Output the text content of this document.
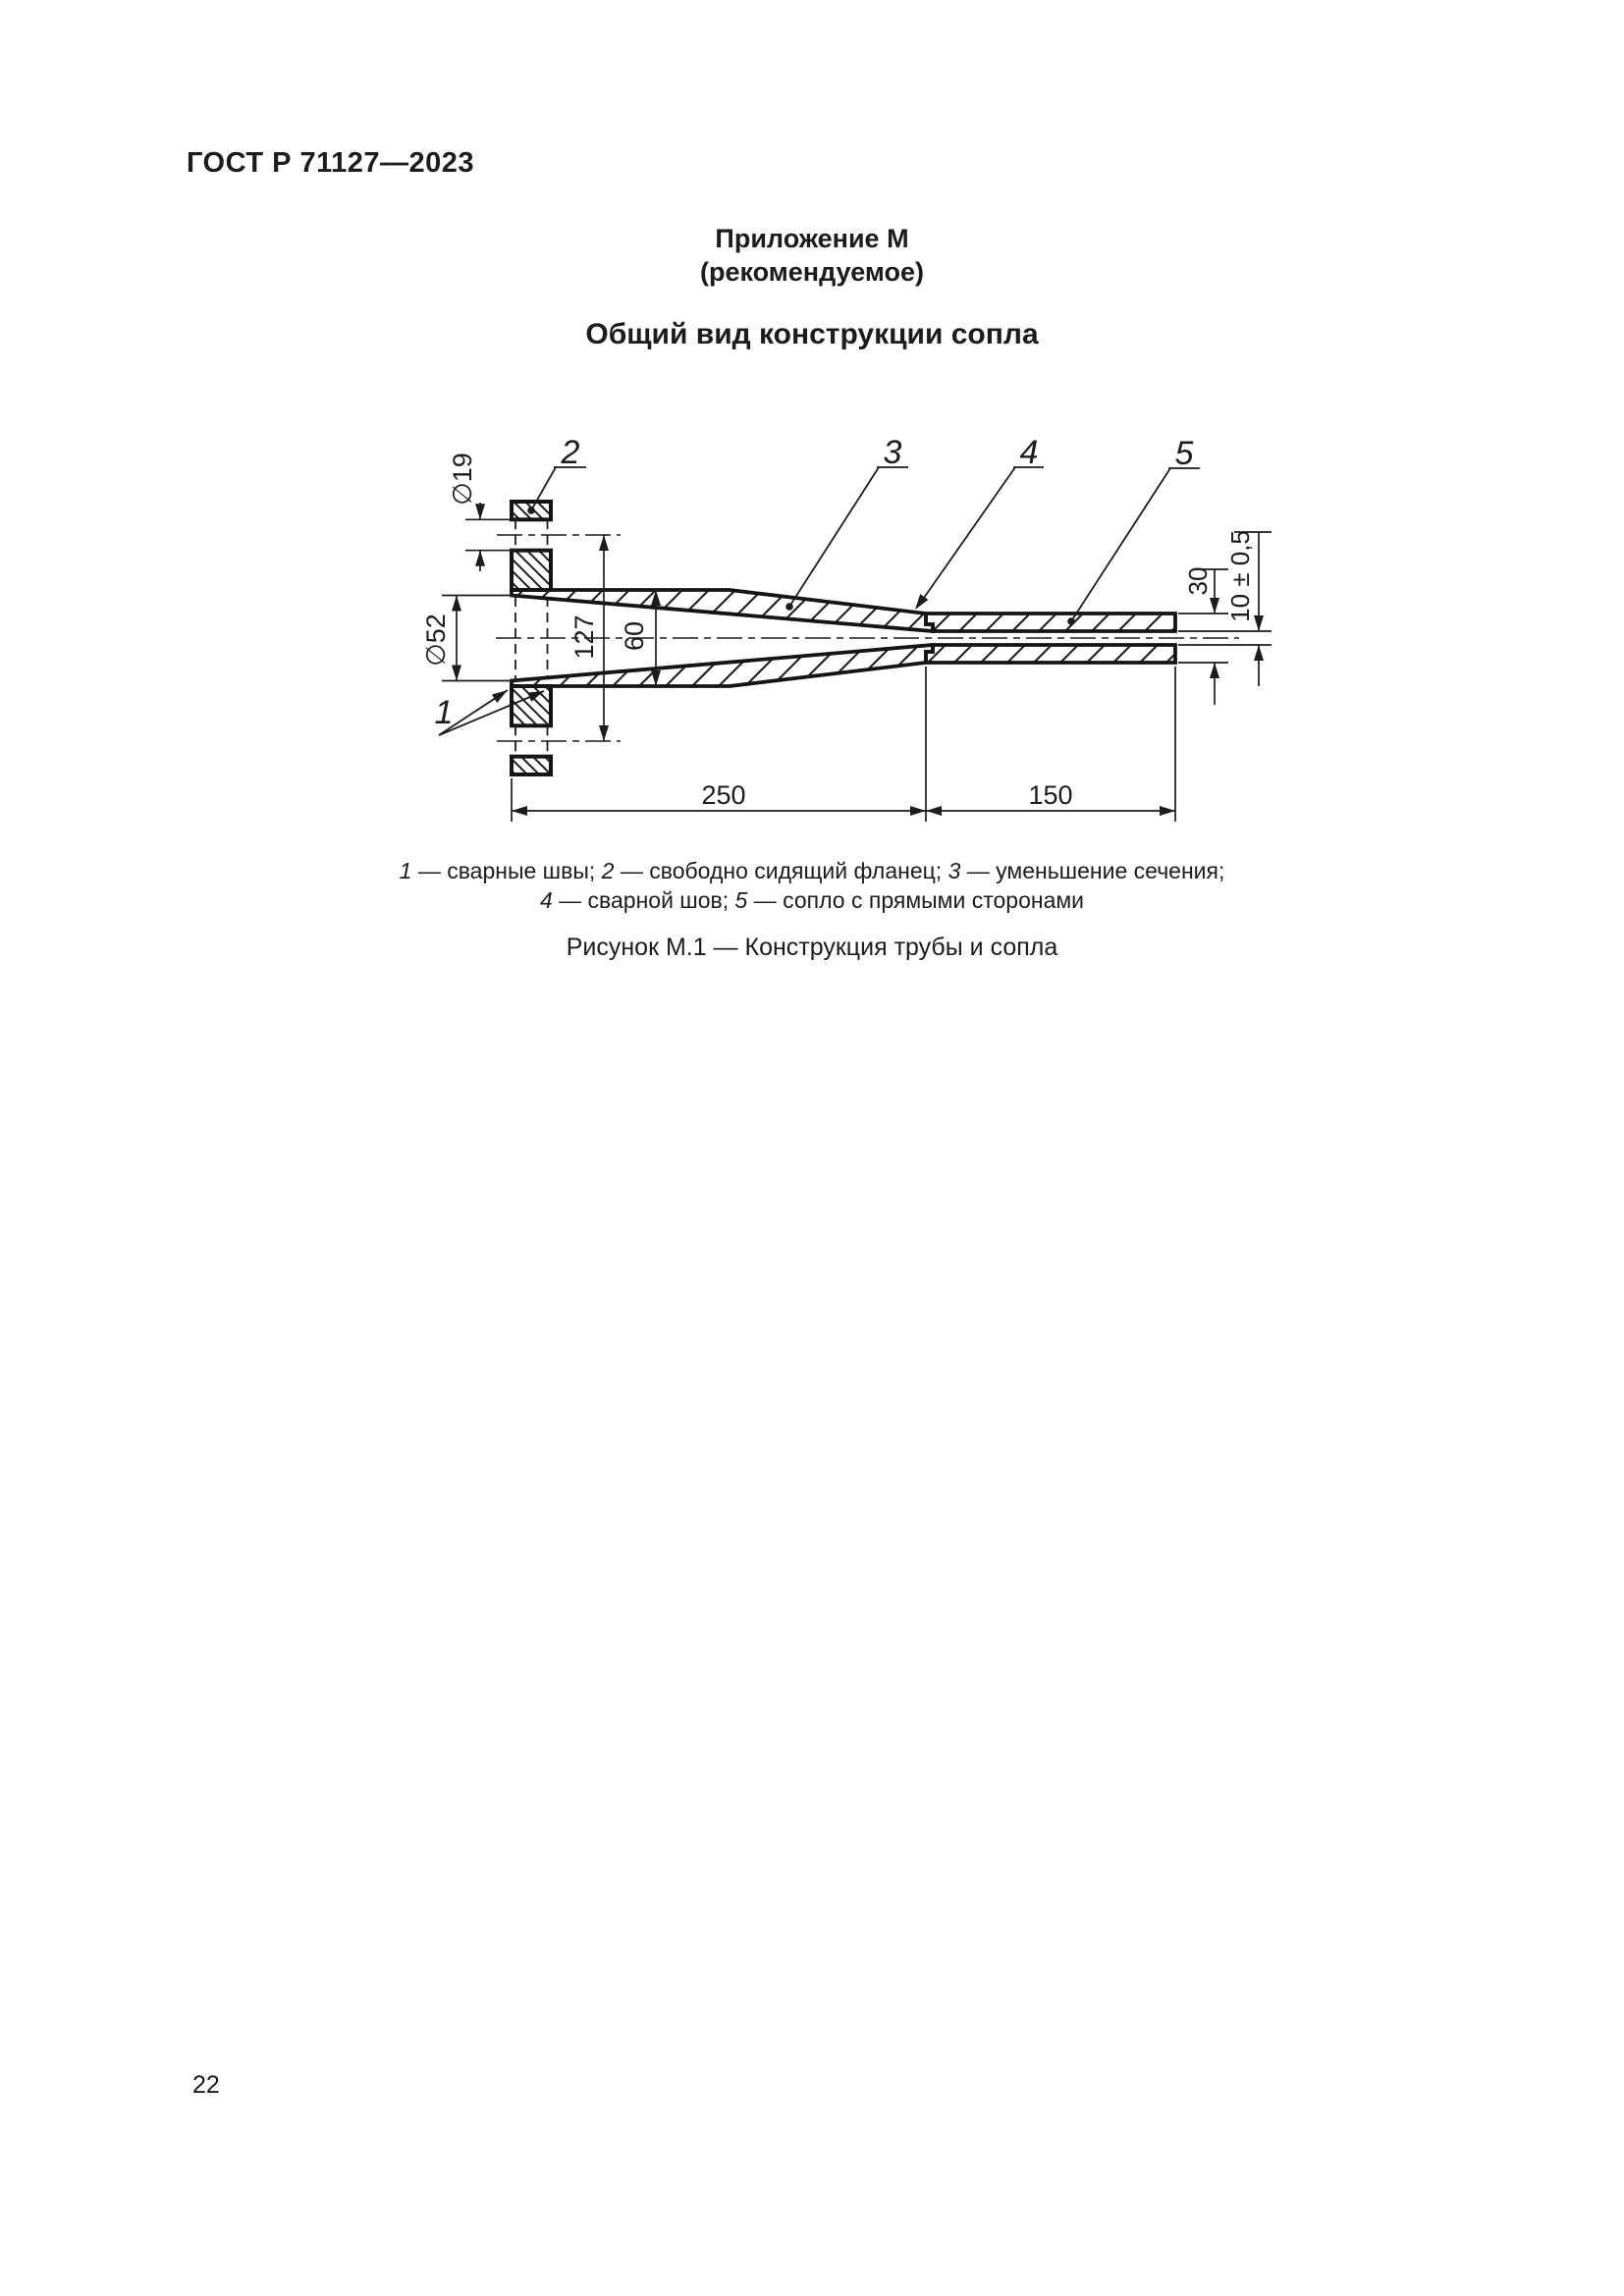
ГОСТ Р 71127—2023
Приложение М
(рекомендуемое)
Общий вид конструкции сопла
1
2	3	4	5
∅19
∅52	127 60
30 10 ± 0,5
250	150
1 — сварные швы; 2 — свободно сидящий фланец; 3 — уменьшение сечения;
4 — сварной шов; 5 — сопло с прямыми сторонами
Рисунок М.1 — Конструкция трубы и сопла
22
